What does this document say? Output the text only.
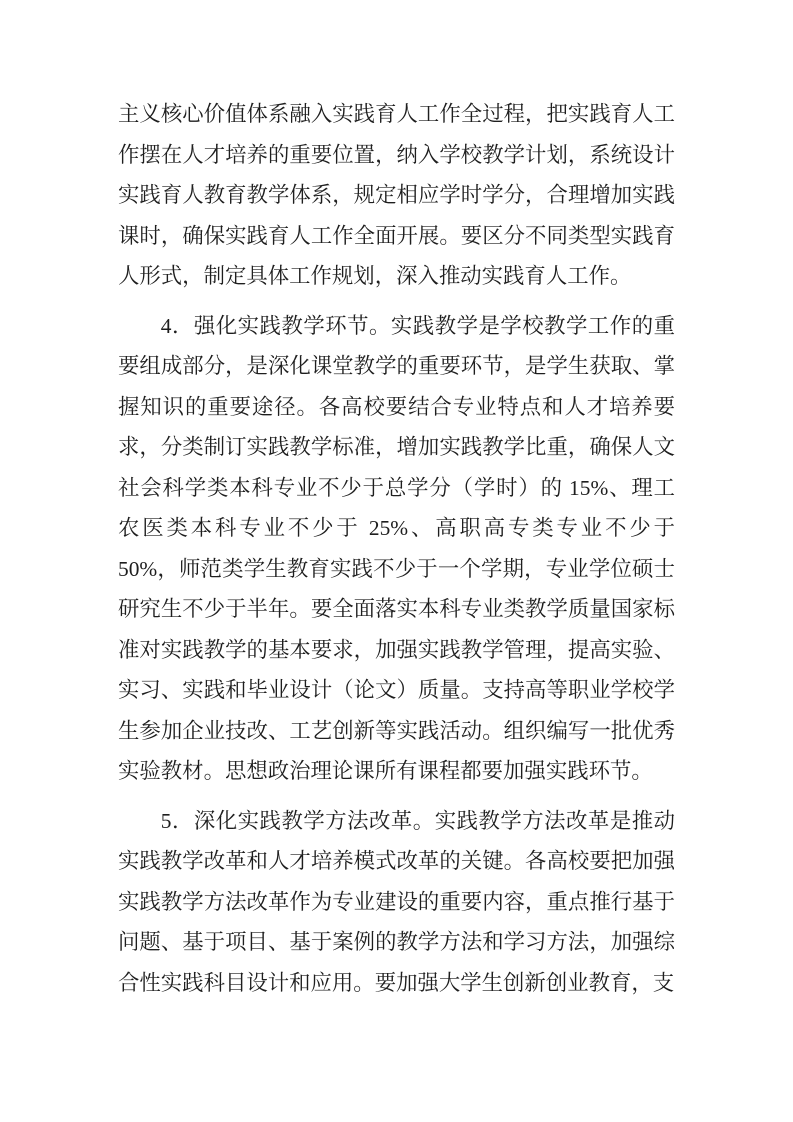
主义核心价值体系融入实践育人工作全过程，把实践育人工作摆在人才培养的重要位置，纳入学校教学计划，系统设计实践育人教育教学体系，规定相应学时学分，合理增加实践课时，确保实践育人工作全面开展。要区分不同类型实践育人形式，制定具体工作规划，深入推动实践育人工作。

4．强化实践教学环节。实践教学是学校教学工作的重要组成部分，是深化课堂教学的重要环节，是学生获取、掌握知识的重要途径。各高校要结合专业特点和人才培养要求，分类制订实践教学标准，增加实践教学比重，确保人文社会科学类本科专业不少于总学分（学时）的 15%、理工农医类本科专业不少于 25%、高职高专类专业不少于 50%，师范类学生教育实践不少于一个学期，专业学位硕士研究生不少于半年。要全面落实本科专业类教学质量国家标准对实践教学的基本要求，加强实践教学管理，提高实验、实习、实践和毕业设计（论文）质量。支持高等职业学校学生参加企业技改、工艺创新等实践活动。组织编写一批优秀实验教材。思想政治理论课所有课程都要加强实践环节。

5．深化实践教学方法改革。实践教学方法改革是推动实践教学改革和人才培养模式改革的关键。各高校要把加强实践教学方法改革作为专业建设的重要内容，重点推行基于问题、基于项目、基于案例的教学方法和学习方法，加强综合性实践科目设计和应用。要加强大学生创新创业教育，支
